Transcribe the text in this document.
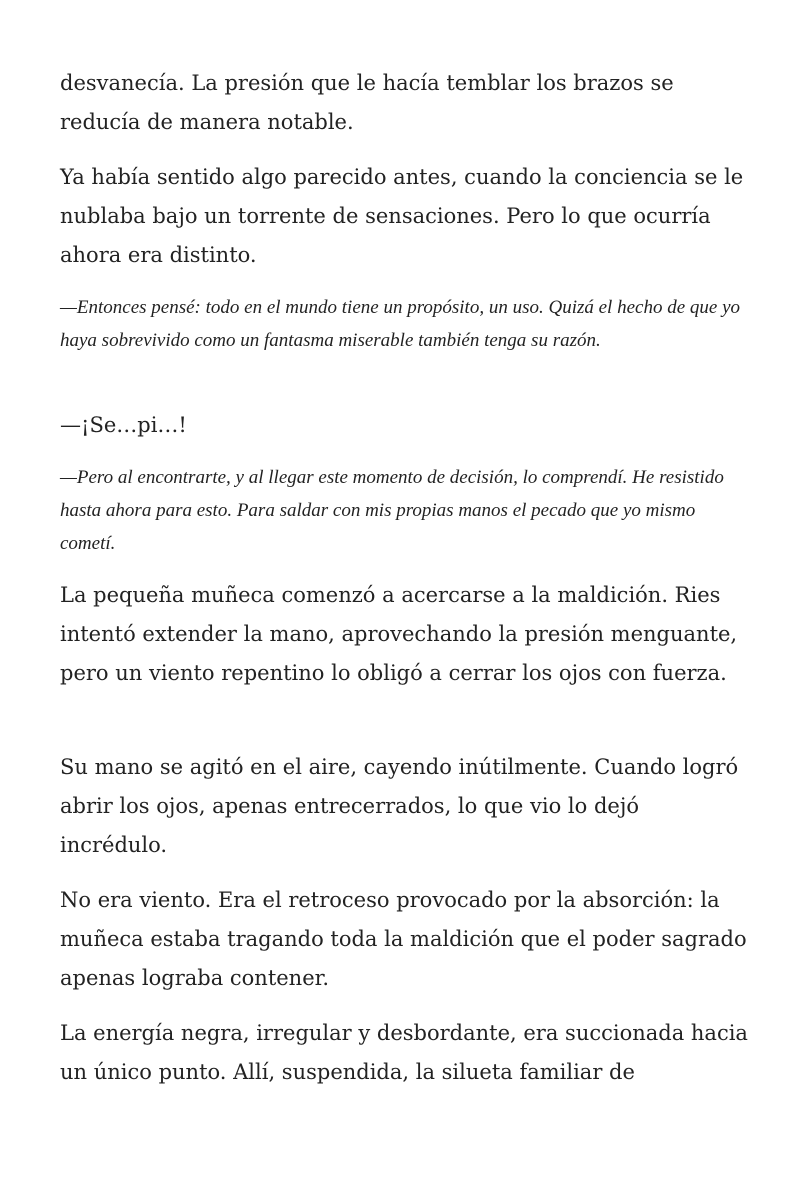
desvanecía. La presión que le hacía temblar los brazos se reducía de manera notable.

Ya había sentido algo parecido antes, cuando la conciencia se le nublaba bajo un torrente de sensaciones. Pero lo que ocurría ahora era distinto.

—Entonces pensé: todo en el mundo tiene un propósito, un uso. Quizá el hecho de que yo haya sobrevivido como un fantasma miserable también tenga su razón.

—¡Se…pi…!

—Pero al encontrarte, y al llegar este momento de decisión, lo comprendí. He resistido hasta ahora para esto. Para saldar con mis propias manos el pecado que yo mismo cometí.

La pequeña muñeca comenzó a acercarse a la maldición. Ries intentó extender la mano, aprovechando la presión menguante, pero un viento repentino lo obligó a cerrar los ojos con fuerza.

Su mano se agitó en el aire, cayendo inútilmente. Cuando logró abrir los ojos, apenas entrecerrados, lo que vio lo dejó incrédulo.

No era viento. Era el retroceso provocado por la absorción: la muñeca estaba tragando toda la maldición que el poder sagrado apenas lograba contener.

La energía negra, irregular y desbordante, era succionada hacia un único punto. Allí, suspendida, la silueta familiar de
